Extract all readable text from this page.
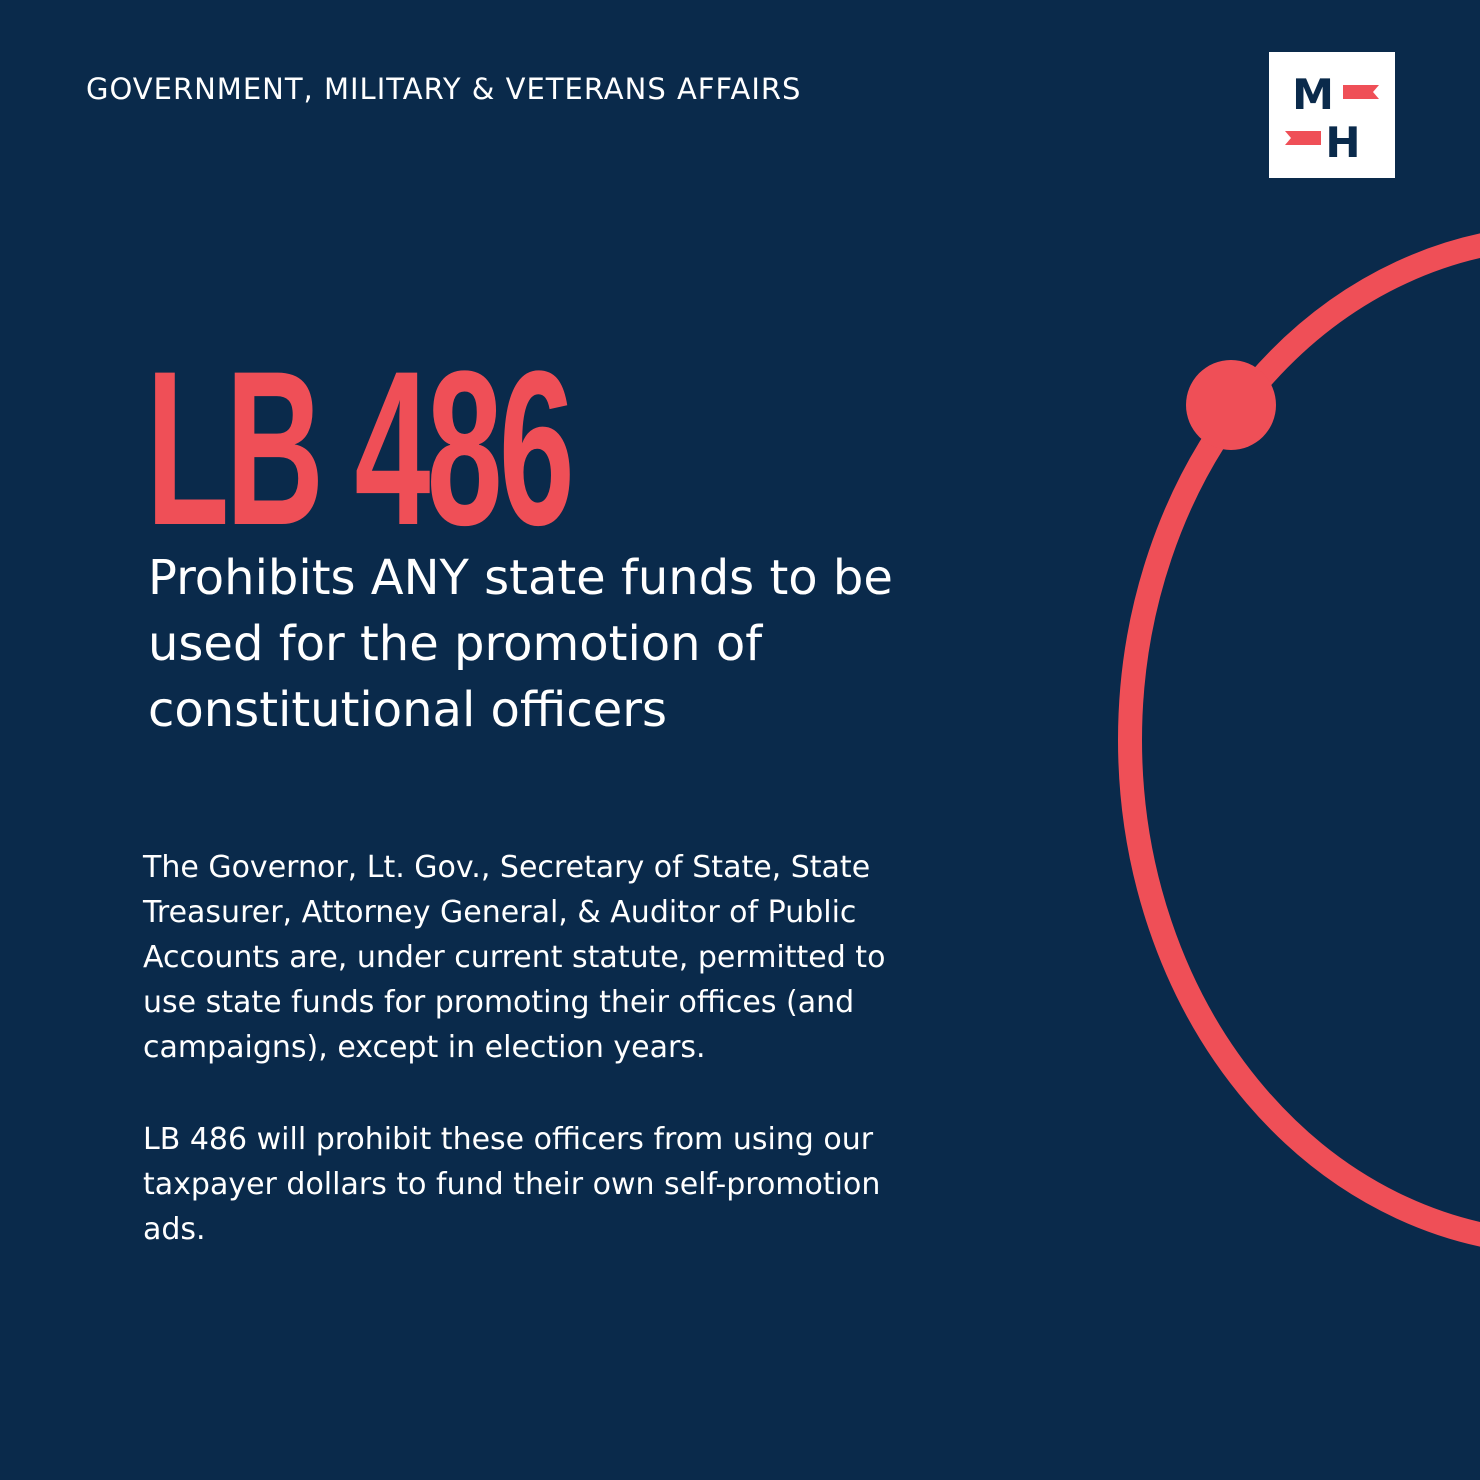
GOVERNMENT, MILITARY & VETERANS AFFAIRS	M
H
LB 486
Prohibits ANY state funds to be used for the promotion of constitutional officers

The Governor, Lt. Gov., Secretary of State, State Treasurer, Attorney General, & Auditor of Public Accounts are, under current statute, permitted to use state funds for promoting their offices (and campaigns), except in election years.

LB 486 will prohibit these officers from using our taxpayer dollars to fund their own self-promotion ads.
